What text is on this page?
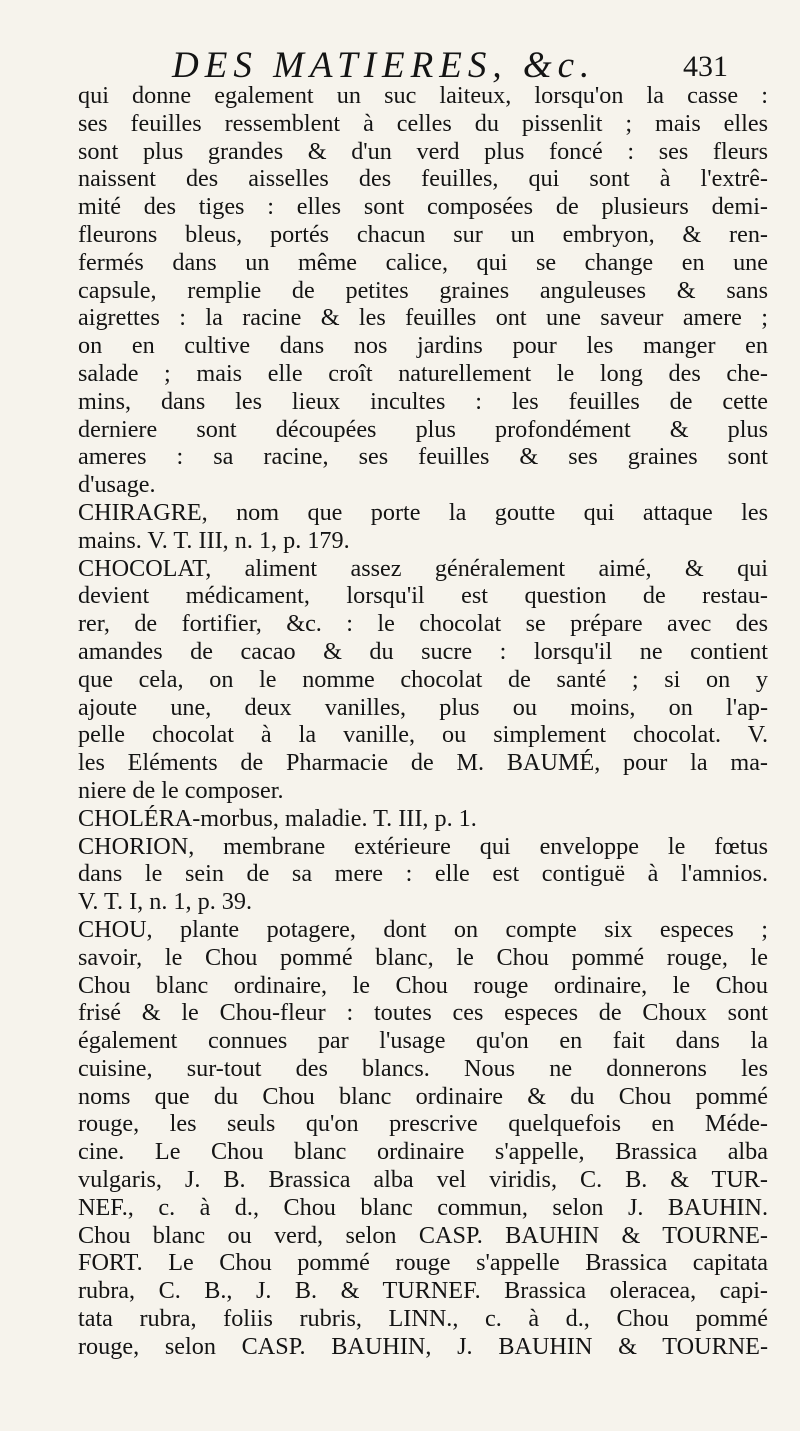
DES MATIERES, &c.	431
qui donne egalement un suc laiteux, lorsqu'on la casse :
ses feuilles ressemblent à celles du pissenlit ; mais elles
sont plus grandes & d'un verd plus foncé : ses fleurs
naissent des aisselles des feuilles, qui sont à l'extrê-
mité des tiges : elles sont composées de plusieurs demi-
fleurons bleus, portés chacun sur un embryon, & ren-
fermés dans un même calice, qui se change en une
capsule, remplie de petites graines anguleuses & sans
aigrettes : la racine & les feuilles ont une saveur amere ;
on en cultive dans nos jardins pour les manger en
salade ; mais elle croît naturellement le long des che-
mins, dans les lieux incultes : les feuilles de cette
derniere sont découpées plus profondément & plus
ameres : sa racine, ses feuilles & ses graines sont
d'usage.
CHIRAGRE, nom que porte la goutte qui attaque les
mains. V. T. III, n. 1, p. 179.
CHOCOLAT, aliment assez généralement aimé, & qui
devient médicament, lorsqu'il est question de restau-
rer, de fortifier, &c. : le chocolat se prépare avec des
amandes de cacao & du sucre : lorsqu'il ne contient
que cela, on le nomme chocolat de santé ; si on y
ajoute une, deux vanilles, plus ou moins, on l'ap-
pelle chocolat à la vanille, ou simplement chocolat. V.
les Eléments de Pharmacie de M. BAUMÉ, pour la ma-
niere de le composer.
CHOLÉRA-morbus, maladie. T. III, p. 1.
CHORION, membrane extérieure qui enveloppe le fœtus
dans le sein de sa mere : elle est contiguë à l'amnios.
V. T. I, n. 1, p. 39.
CHOU, plante potagere, dont on compte six especes ;
savoir, le Chou pommé blanc, le Chou pommé rouge, le
Chou blanc ordinaire, le Chou rouge ordinaire, le Chou
frisé & le Chou-fleur : toutes ces especes de Choux sont
également connues par l'usage qu'on en fait dans la
cuisine, sur-tout des blancs. Nous ne donnerons les
noms que du Chou blanc ordinaire & du Chou pommé
rouge, les seuls qu'on prescrive quelquefois en Méde-
cine. Le Chou blanc ordinaire s'appelle, Brassica alba
vulgaris, J. B. Brassica alba vel viridis, C. B. & TUR-
NEF., c. à d., Chou blanc commun, selon J. BAUHIN.
Chou blanc ou verd, selon CASP. BAUHIN & TOURNE-
FORT. Le Chou pommé rouge s'appelle Brassica capitata
rubra, C. B., J. B. & TURNEF. Brassica oleracea, capi-
tata rubra, foliis rubris, LINN., c. à d., Chou pommé
rouge, selon CASP. BAUHIN, J. BAUHIN & TOURNE-
